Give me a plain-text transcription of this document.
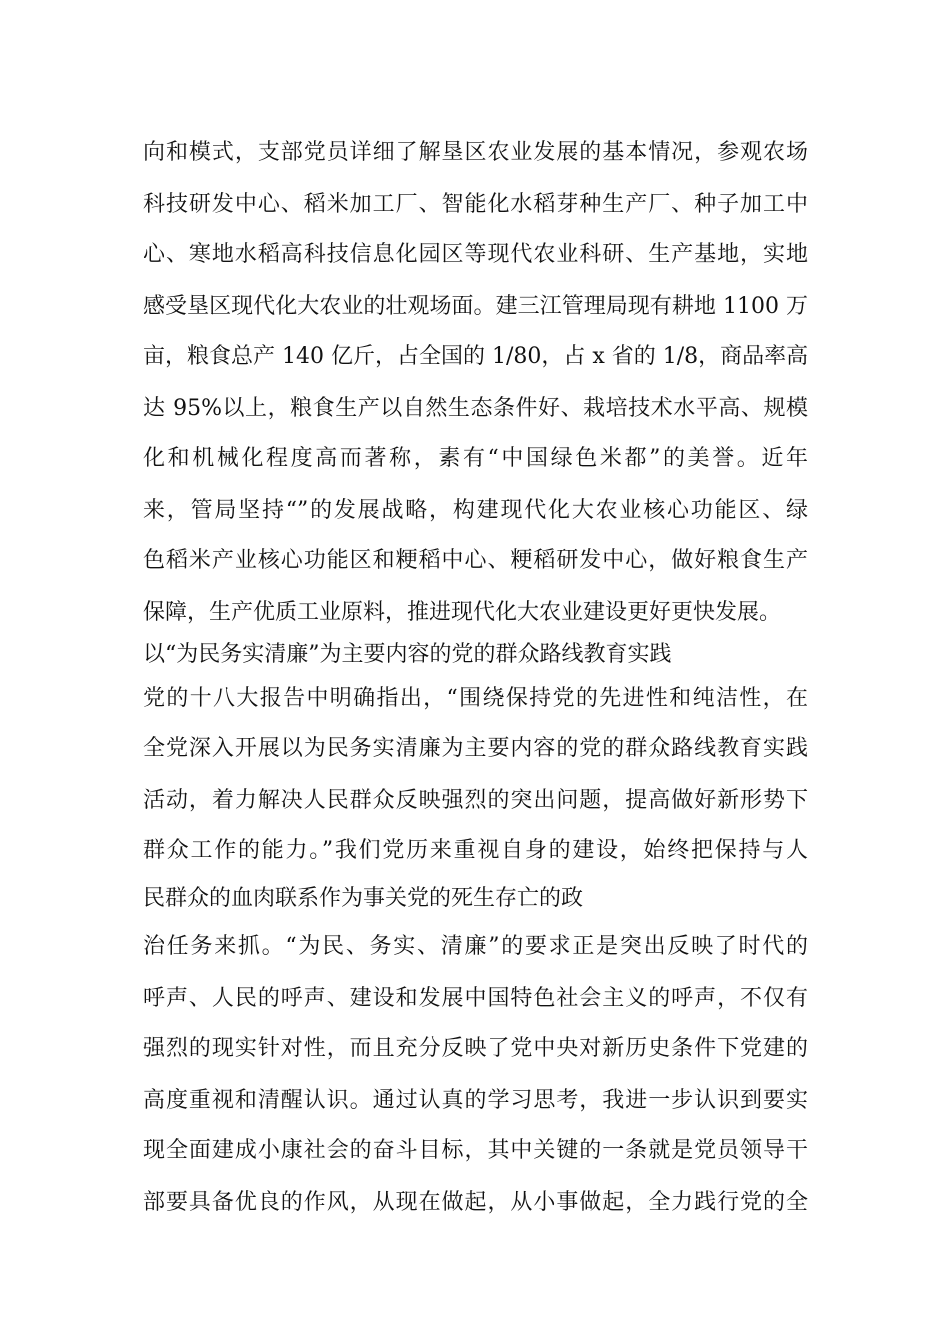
向和模式，支部党员详细了解垦区农业发展的基本情况，参观农场
科技研发中心、稻米加工厂、智能化水稻芽种生产厂、种子加工中
心、寒地水稻高科技信息化园区等现代农业科研、生产基地，实地
感受垦区现代化大农业的壮观场面。建三江管理局现有耕地 1100 万
亩，粮食总产 140 亿斤，占全国的 1/80，占 x 省的 1/8，商品率高
达 95%以上，粮食生产以自然生态条件好、栽培技术水平高、规模
化和机械化程度高而著称，素有“中国绿色米都”的美誉。近年
来，管局坚持“”的发展战略，构建现代化大农业核心功能区、绿
色稻米产业核心功能区和粳稻中心、粳稻研发中心，做好粮食生产
保障，生产优质工业原料，推进现代化大农业建设更好更快发展。
以“为民务实清廉”为主要内容的党的群众路线教育实践
党的十八大报告中明确指出，“围绕保持党的先进性和纯洁性，在
全党深入开展以为民务实清廉为主要内容的党的群众路线教育实践
活动，着力解决人民群众反映强烈的突出问题，提高做好新形势下
群众工作的能力。”我们党历来重视自身的建设，始终把保持与人
民群众的血肉联系作为事关党的死生存亡的政
治任务来抓。“为民、务实、清廉”的要求正是突出反映了时代的
呼声、人民的呼声、建设和发展中国特色社会主义的呼声，不仅有
强烈的现实针对性，而且充分反映了党中央对新历史条件下党建的
高度重视和清醒认识。通过认真的学习思考，我进一步认识到要实
现全面建成小康社会的奋斗目标，其中关键的一条就是党员领导干
部要具备优良的作风，从现在做起，从小事做起，全力践行党的全
